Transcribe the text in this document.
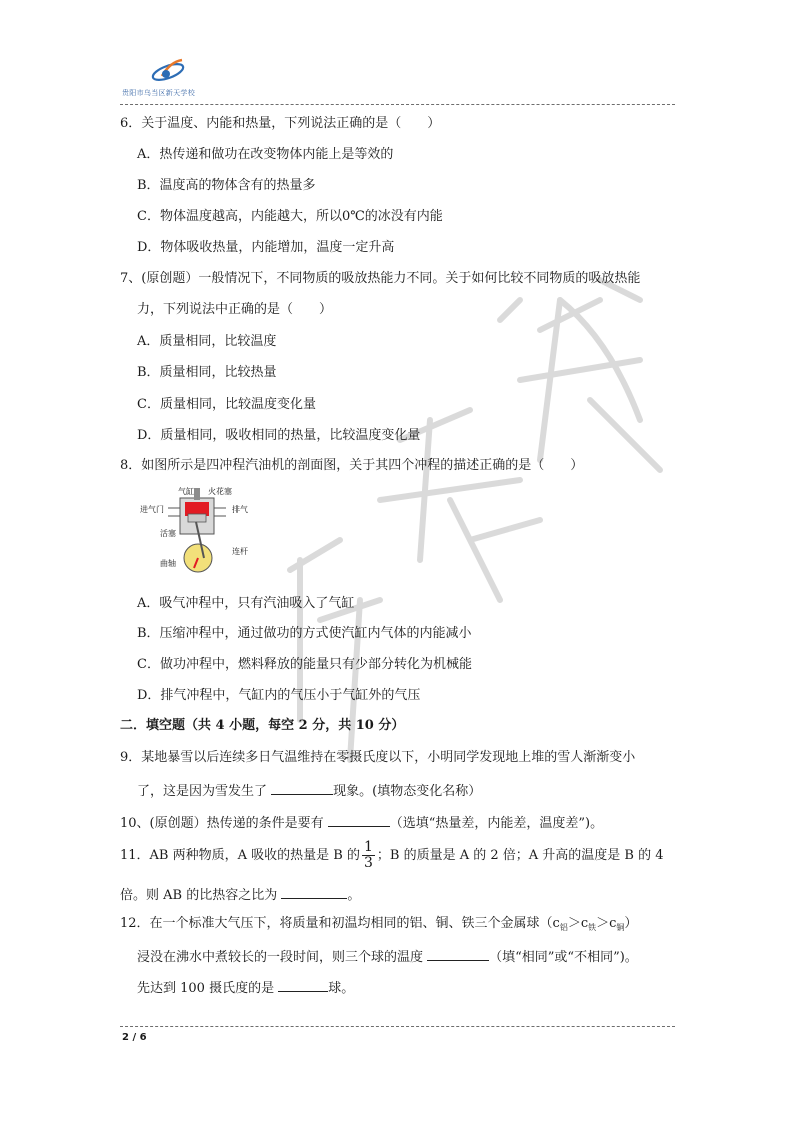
贵阳市乌当区新天学校
6．关于温度、内能和热量，下列说法正确的是（　　）
A．热传递和做功在改变物体内能上是等效的
B．温度高的物体含有的热量多
C．物体温度越高，内能越大，所以0℃的冰没有内能
D．物体吸收热量，内能增加，温度一定升高
7、(原创题）一般情况下，不同物质的吸放热能力不同。关于如何比较不同物质的吸放热能
力，下列说法中正确的是（　　）
A．质量相同，比较温度
B．质量相同，比较热量
C．质量相同，比较温度变化量
D．质量相同，吸收相同的热量，比较温度变化量
8．如图所示是四冲程汽油机的剖面图，关于其四个冲程的描述正确的是（　　）
气缸 火花塞
进气门	排气
活塞
连杆
曲轴
A．吸气冲程中，只有汽油吸入了气缸
B．压缩冲程中，通过做功的方式使汽缸内气体的内能减小
C．做功冲程中，燃料释放的能量只有少部分转化为机械能
D．排气冲程中，气缸内的气压小于气缸外的气压
二．填空题（共 4 小题，每空 2 分，共 10 分）
9．某地暴雪以后连续多日气温维持在零摄氏度以下，小明同学发现地上堆的雪人渐渐变小
了，这是因为雪发生了	现象。(填物态变化名称）
10、(原创题）热传递的条件是要有	（选填“热量差，内能差，温度差”)。
11．AB 两种物质，A 吸收的热量是 B 的 $\frac{1}{3}$ ；B 的质量是 A 的 2 倍；A 升高的温度是 B 的 4
倍。则 AB 的比热容之比为	。
12．在一个标准大气压下，将质量和初温均相同的铝、铜、铁三个金属球$(c_铝>c_铁>c_铜)$
浸没在沸水中煮较长的一段时间，则三个球的温度	（填“相同”或“不相同”)。
先达到 100 摄氏度的是	球。
2 / 6
